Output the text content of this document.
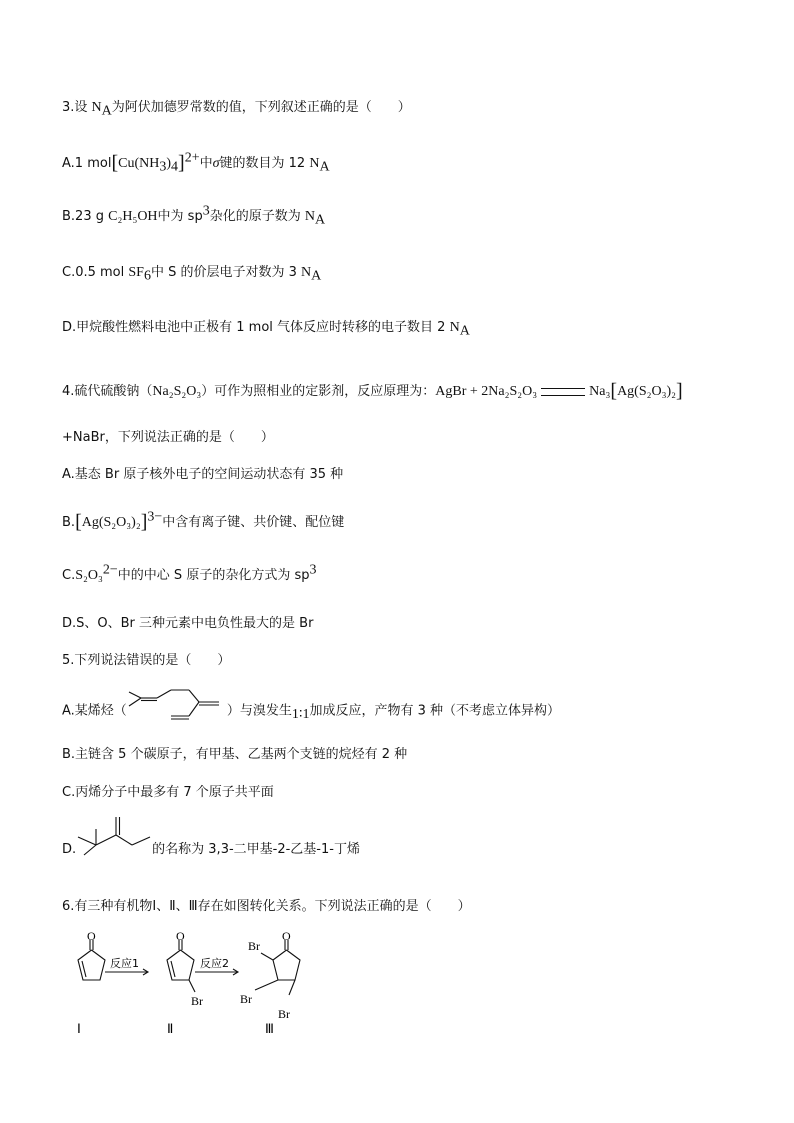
3.设 $N_A$为阿伏加德罗常数的值，下列叙述正确的是（　　）
A.1 $mol[Cu(NH_3)_4]^{2+}$中σ键的数目为 12 $N_A$
B.23 g C₂H₅OH中为 $sp^3$杂化的原子数为 $N_A$
C.0.5 mol $SF_6$中 S 的价层电子对数为 3 $N_A$
D.甲烷酸性燃料电池中正极有 1 mol 气体反应时转移的电子数目 2 $N_A$
4.硫代硫酸钠（Na₂S₂O₃）可作为照相业的定影剂，反应原理为：AgBr + 2Na₂S₂O₃	Na₃[Ag(S₂O₃)₂]
+NaBr，下列说法正确的是（　　）
A.基态 Br 原子核外电子的空间运动状态有 35 种
$B.[Ag(S_2O_3)_2]^{3-}$中含有离子键、共价键、配位键
C.S₂O₃$^{2-}$中的中心 S 原子的杂化方式为 $sp^3$
D.S、O、Br 三种元素中电负性最大的是 Br
5.下列说法错误的是（　　）
A.某烯烃（	）与溴发生1∶1加成反应，产物有 3 种（不考虑立体异构）
B.主链含 5 个碳原子，有甲基、乙基两个支链的烷烃有 2 种
C.丙烯分子中最多有 7 个原子共平面
D.	的名称为 3,3-二甲基-2-乙基-1-丁烯
6.有三种有机物Ⅰ、Ⅱ、Ⅲ存在如图转化关系。下列说法正确的是（　　）
O	O	O
Br
Br
Br
Br
反应1	反应2
Ⅰ	Ⅱ	Ⅲ
